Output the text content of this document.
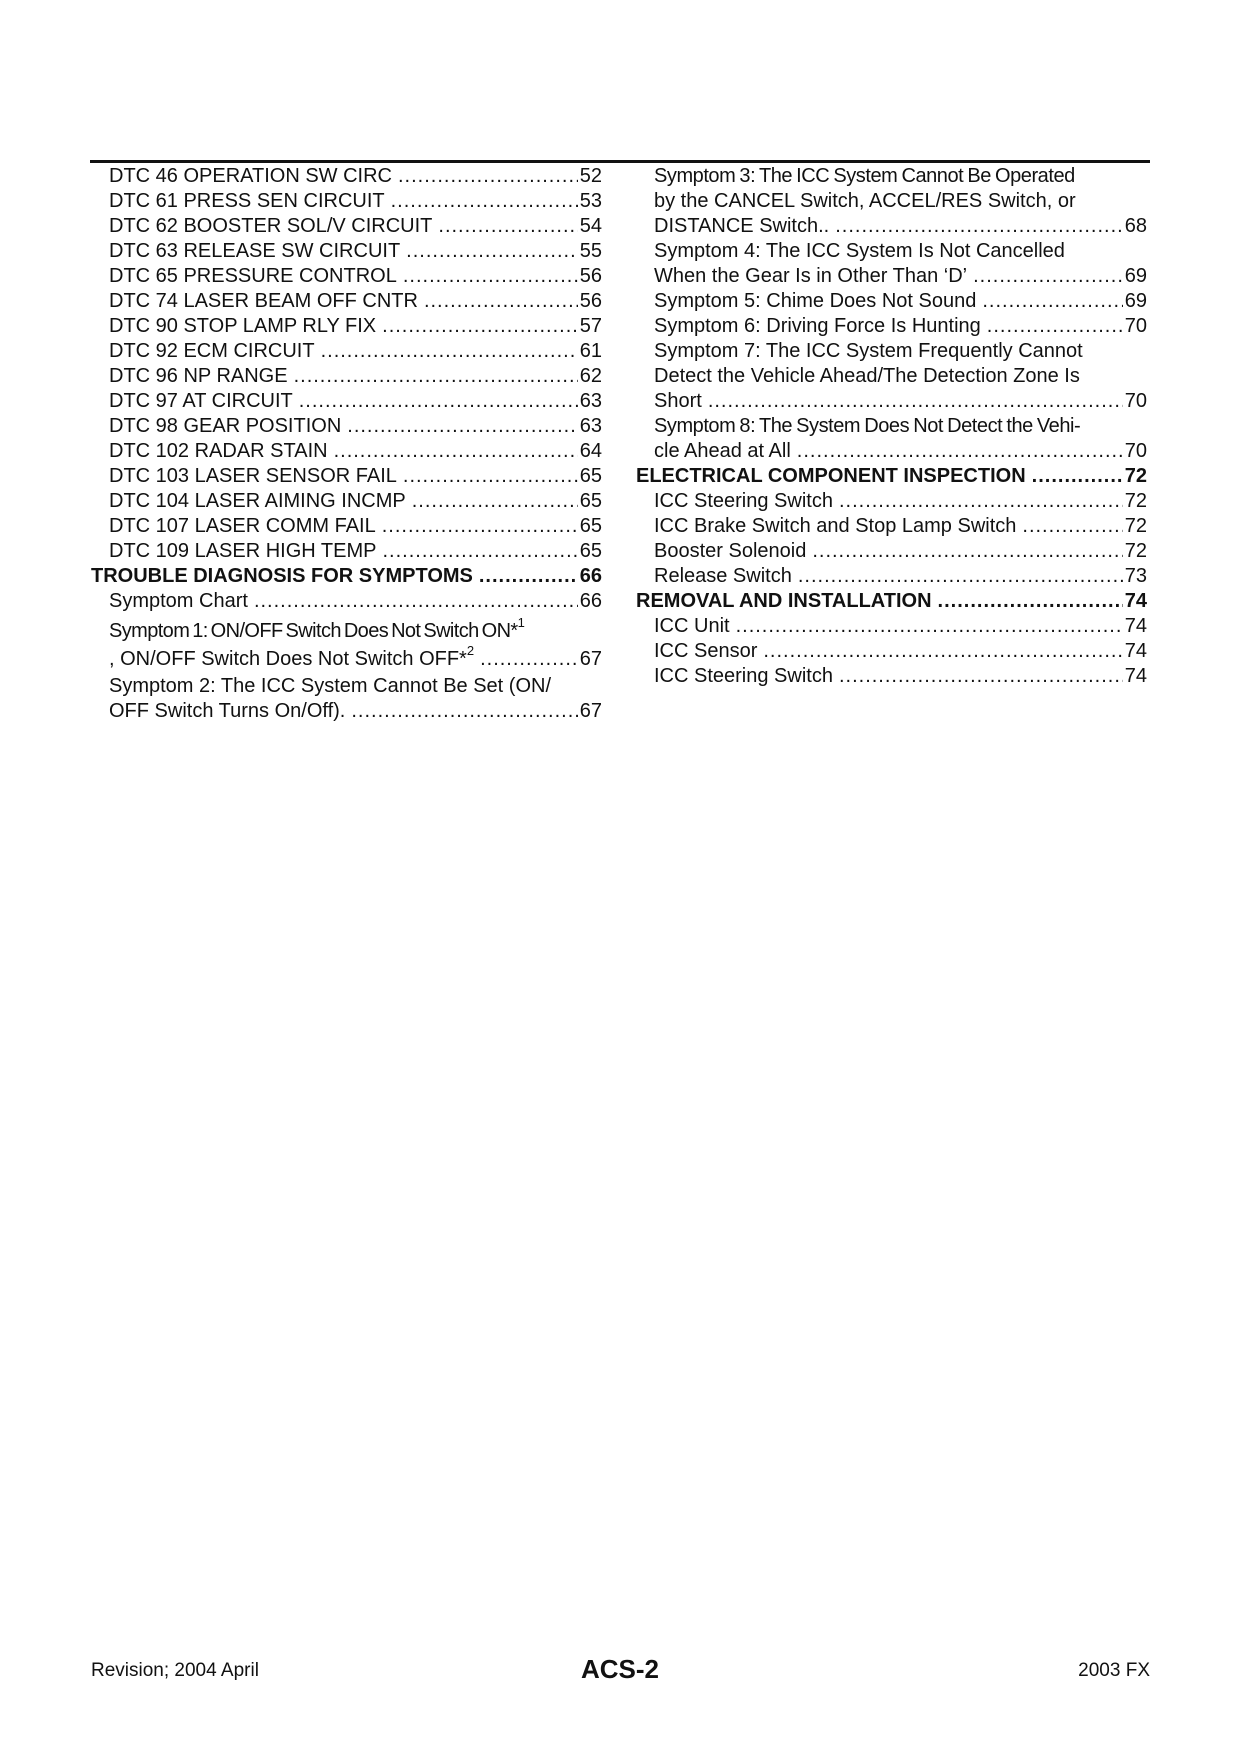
DTC 46 OPERATION SW CIRC .....	52
DTC 61 PRESS SEN CIRCUIT .....	53
DTC 62 BOOSTER SOL/V CIRCUIT .....	54
DTC 63 RELEASE SW CIRCUIT .....	55
DTC 65 PRESSURE CONTROL .....	56
DTC 74 LASER BEAM OFF CNTR .....	56
DTC 90 STOP LAMP RLY FIX .....	57
DTC 92 ECM CIRCUIT .....	61
DTC 96 NP RANGE .....	62
DTC 97 AT CIRCUIT .....	63
DTC 98 GEAR POSITION .....	63
DTC 102 RADAR STAIN .....	64
DTC 103 LASER SENSOR FAIL .....	65
DTC 104 LASER AIMING INCMP .....	65
DTC 107 LASER COMM FAIL .....	65
DTC 109 LASER HIGH TEMP .....	65
TROUBLE DIAGNOSIS FOR SYMPTOMS .....	66
Symptom Chart .....	66
Symptom 1: ON/OFF Switch Does Not Switch ON*$^1$
, ON/OFF Switch Does Not Switch OFF*$^2$ .....	67
Symptom 2: The ICC System Cannot Be Set (ON/
OFF Switch Turns On/Off). .....	67
Symptom 3: The ICC System Cannot Be Operated
by the CANCEL Switch, ACCEL/RES Switch, or
DISTANCE Switch.. .....	68
Symptom 4: The ICC System Is Not Cancelled
When the Gear Is in Other Than ‘D’ .....	69
Symptom 5: Chime Does Not Sound .....	69
Symptom 6: Driving Force Is Hunting .....	70
Symptom 7: The ICC System Frequently Cannot
Detect the Vehicle Ahead/The Detection Zone Is
Short .....	70
Symptom 8: The System Does Not Detect the Vehi-
cle Ahead at All .....	70
ELECTRICAL COMPONENT INSPECTION .....	72
ICC Steering Switch .....	72
ICC Brake Switch and Stop Lamp Switch .....	72
Booster Solenoid .....	72
Release Switch .....	73
REMOVAL AND INSTALLATION .....	74
ICC Unit .....	74
ICC Sensor .....	74
ICC Steering Switch .....	74
Revision; 2004 April	ACS-2	2003 FX
